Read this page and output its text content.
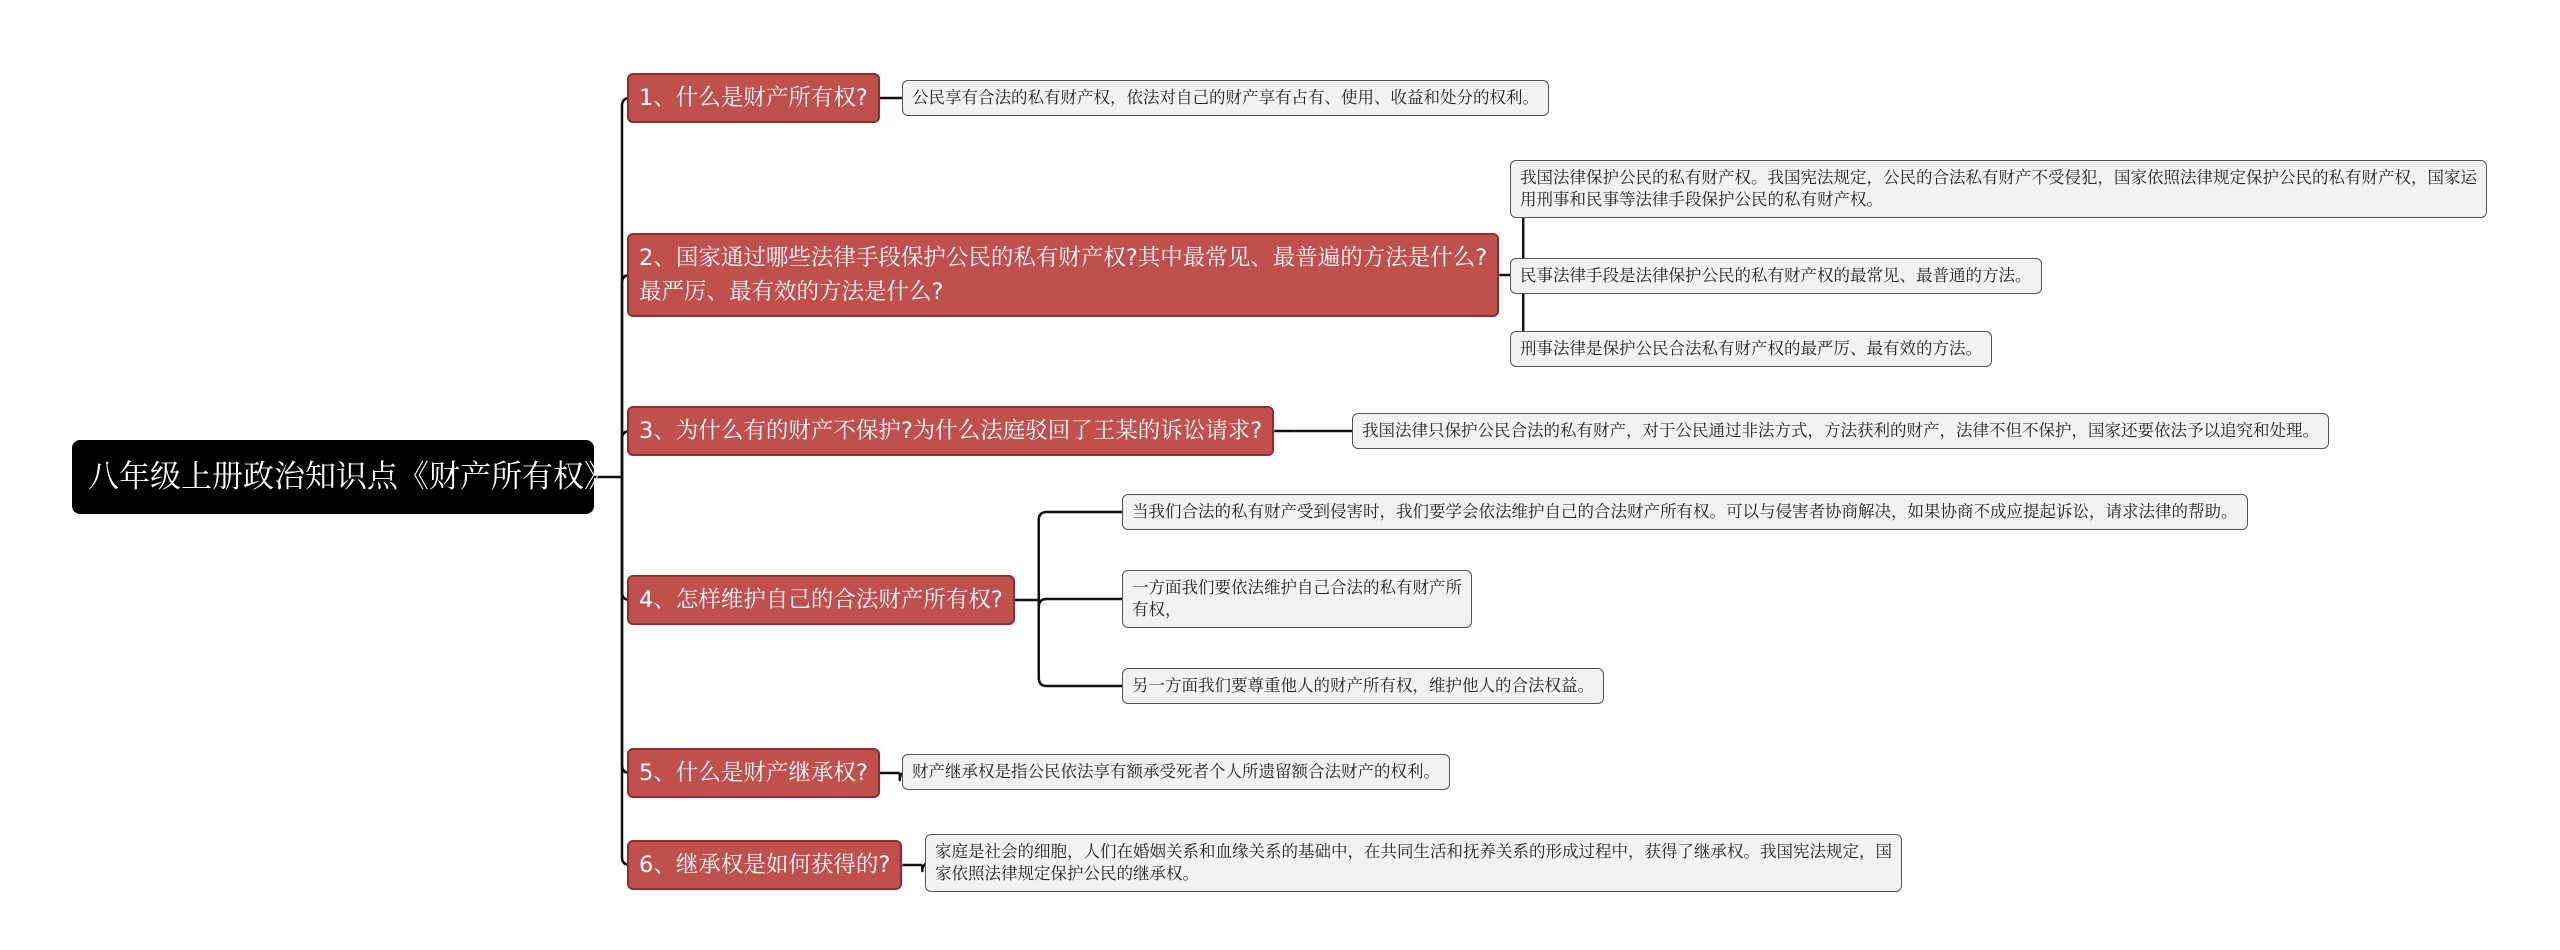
八年级上册政治知识点《财产所有权》
1、什么是财产所有权?	公民享有合法的私有财产权，依法对自己的财产享有占有、使用、收益和处分的权利。
2、国家通过哪些法律手段保护公民的私有财产权?其中最常见、最普遍的方法是什么?
最严厉、最有效的方法是什么?
我国法律保护公民的私有财产权。我国宪法规定，公民的合法私有财产不受侵犯，国家依照法律规定保护公民的私有财产权，国家运
用刑事和民事等法律手段保护公民的私有财产权。
民事法律手段是法律保护公民的私有财产权的最常见、最普通的方法。
刑事法律是保护公民合法私有财产权的最严厉、最有效的方法。
3、为什么有的财产不保护?为什么法庭驳回了王某的诉讼请求?	我国法律只保护公民合法的私有财产，对于公民通过非法方式，方法获利的财产，法律不但不保护，国家还要依法予以追究和处理。
4、怎样维护自己的合法财产所有权?
当我们合法的私有财产受到侵害时，我们要学会依法维护自己的合法财产所有权。可以与侵害者协商解决，如果协商不成应提起诉讼，请求法律的帮助。
一方面我们要依法维护自己合法的私有财产所
有权，
另一方面我们要尊重他人的财产所有权，维护他人的合法权益。
5、什么是财产继承权?	财产继承权是指公民依法享有额承受死者个人所遗留额合法财产的权利。
6、继承权是如何获得的?
家庭是社会的细胞，人们在婚姻关系和血缘关系的基础中，在共同生活和抚养关系的形成过程中，获得了继承权。我国宪法规定，国
家依照法律规定保护公民的继承权。
